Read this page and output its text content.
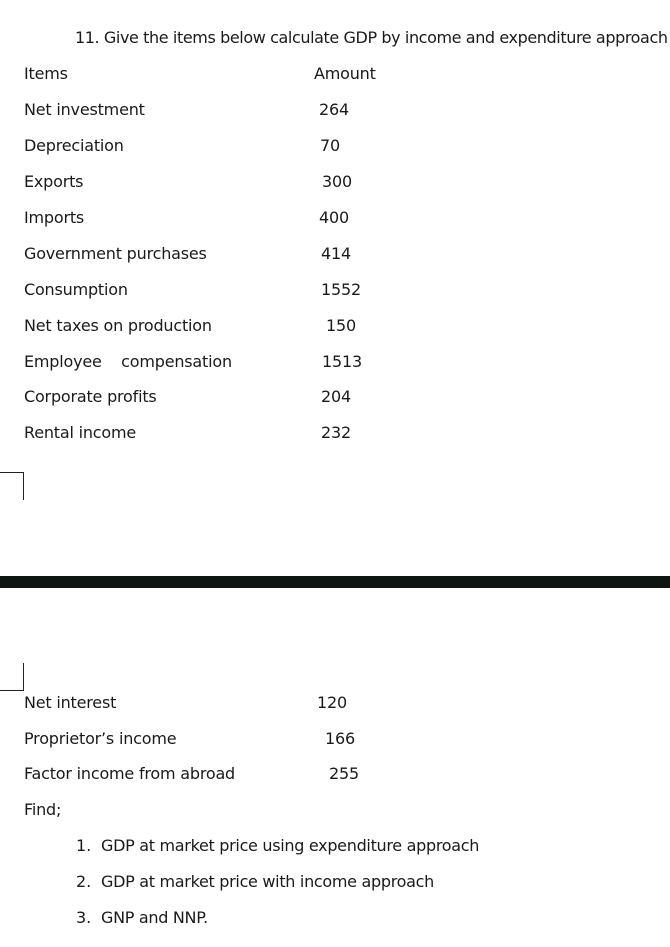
11. Give the items below calculate GDP by income and expenditure approach
Items	Amount
Net investment	264
Depreciation	70
Exports	300
Imports	400
Government purchases	414
Consumption	1552
Net taxes on production	150
Employee    compensation	1513
Corporate profits	204
Rental income	232
Net interest	120
Proprietor’s income	166
Factor income from abroad	255
Find;
1. GDP at market price using expenditure approach
2. GDP at market price with income approach
3. GNP and NNP.
